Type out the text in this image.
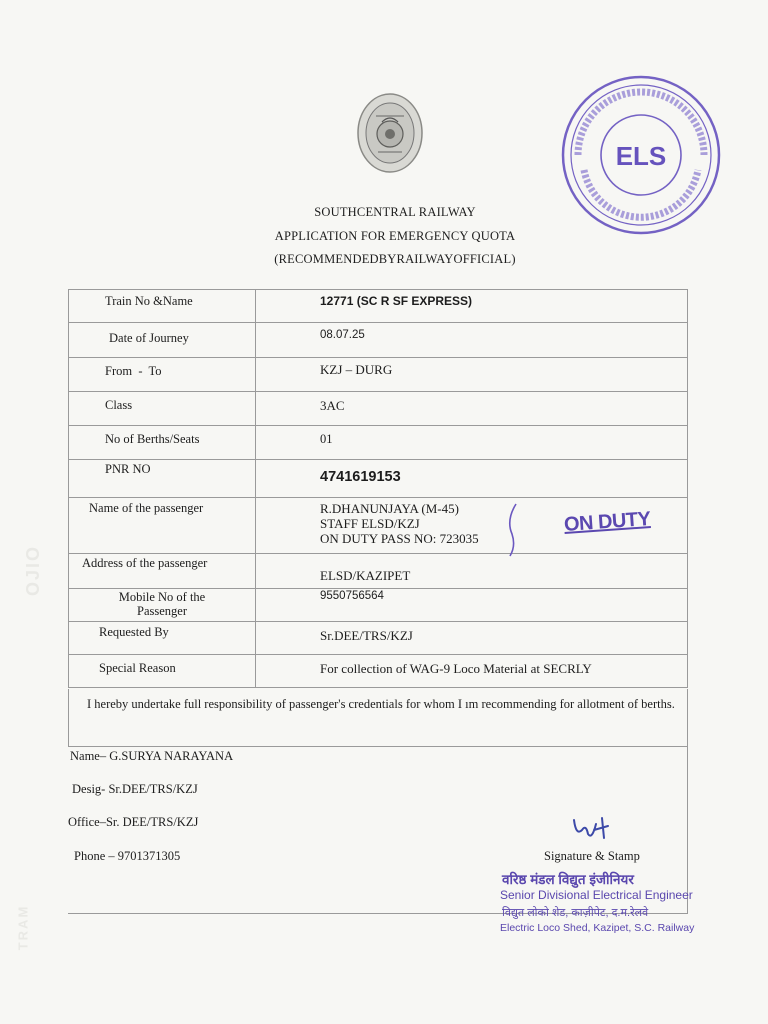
OJIO
TRAM
ELS
SOUTHCENTRAL RAILWAY
APPLICATION FOR EMERGENCY QUOTA
(RECOMMENDEDBYRAILWAYOFFICIAL)
Train No &Name	12771 (SC R SF EXPRESS)

Date of Journey	08.07.25

From  -  To	KZJ – DURG

Class	3AC

No of Berths/Seats	01

PNR NO	4741619153

Name of the passenger	R.DHANUNJAYA (M-45)
STAFF ELSD/KZJ
ON DUTY PASS NO: 723035

Address of the passenger	ELSD/KAZIPET

Mobile No of the
Passenger	9550756564

Requested By	Sr.DEE/TRS/KZJ

Special Reason	For collection of WAG-9 Loco Material at SECRLY
ON DUTY
I hereby undertake full responsibility of passenger's credentials for whom I ım recommending for allotment of berths.
Name– G.SURYA NARAYANA
Desig- Sr.DEE/TRS/KZJ
Office–Sr. DEE/TRS/KZJ
Phone – 9701371305	Signature & Stamp
वरिष्ठ मंडल विद्युत इंजीनियर
Senior Divisional Electrical Engineer
विद्युत लोको शेड, काज़ीपेट, द.म.रेलवे
Electric Loco Shed, Kazipet, S.C. Railway
